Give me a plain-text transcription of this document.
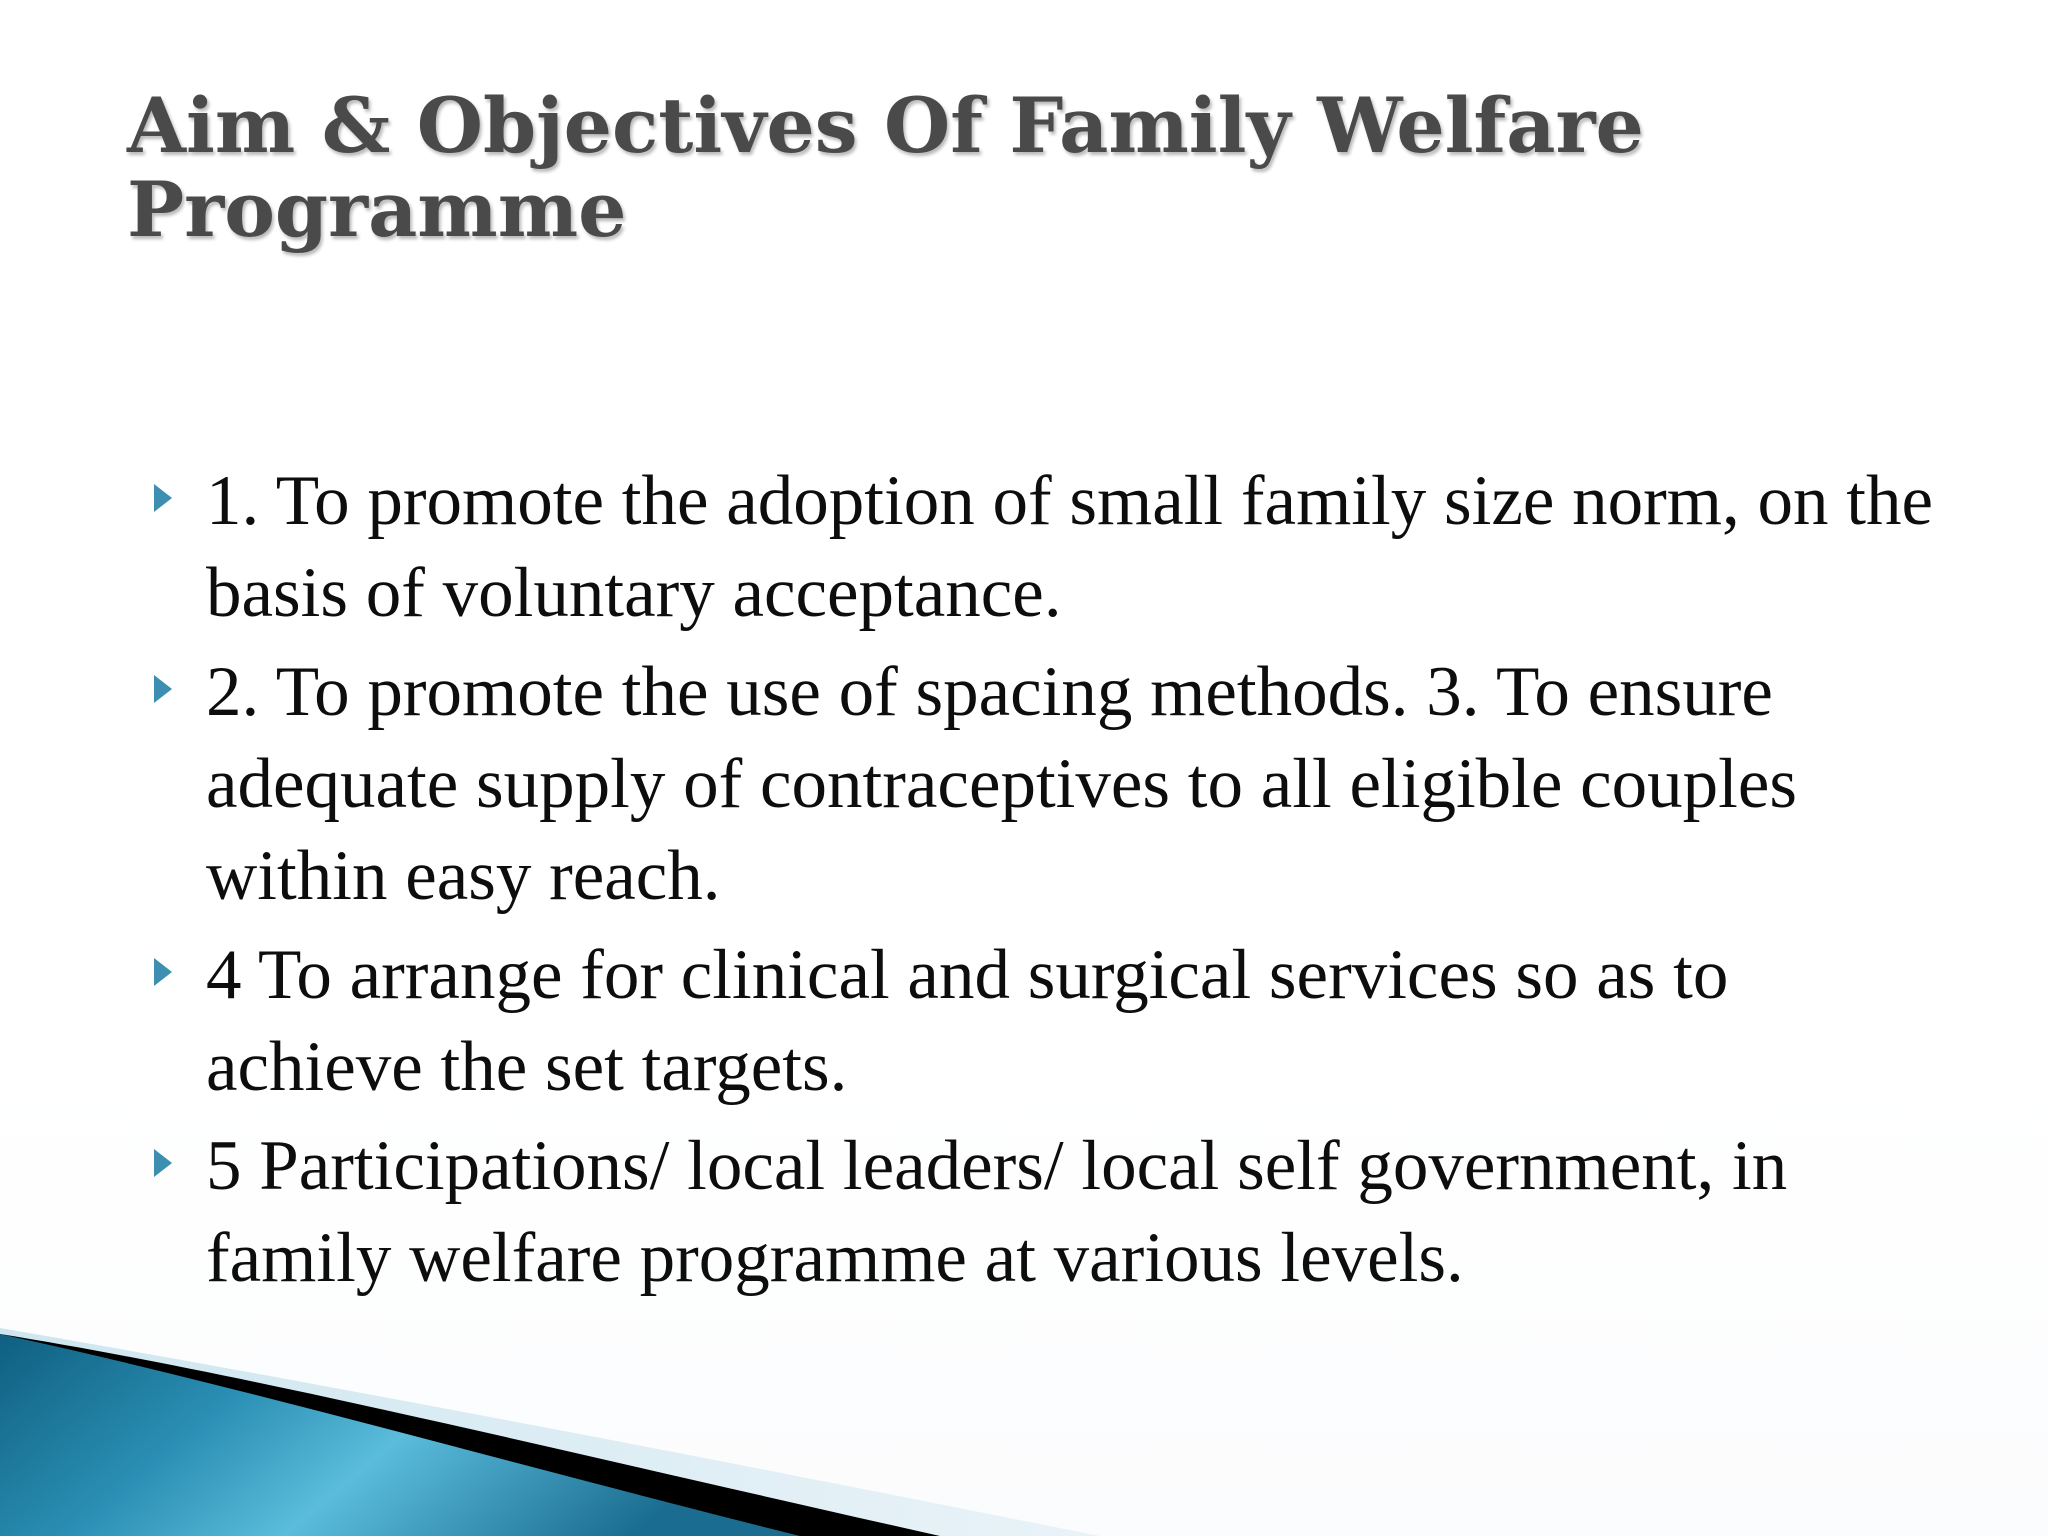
Aim & Objectives Of Family Welfare Programme
1. To promote the adoption of small family size norm, on the basis of voluntary acceptance.
2. To promote the use of spacing methods. 3. To ensure adequate supply of contraceptives to all eligible couples within easy reach.
4 To arrange for clinical and surgical services so as to achieve the set targets.
5 Participations/ local leaders/ local self government, in family welfare programme at various levels.
